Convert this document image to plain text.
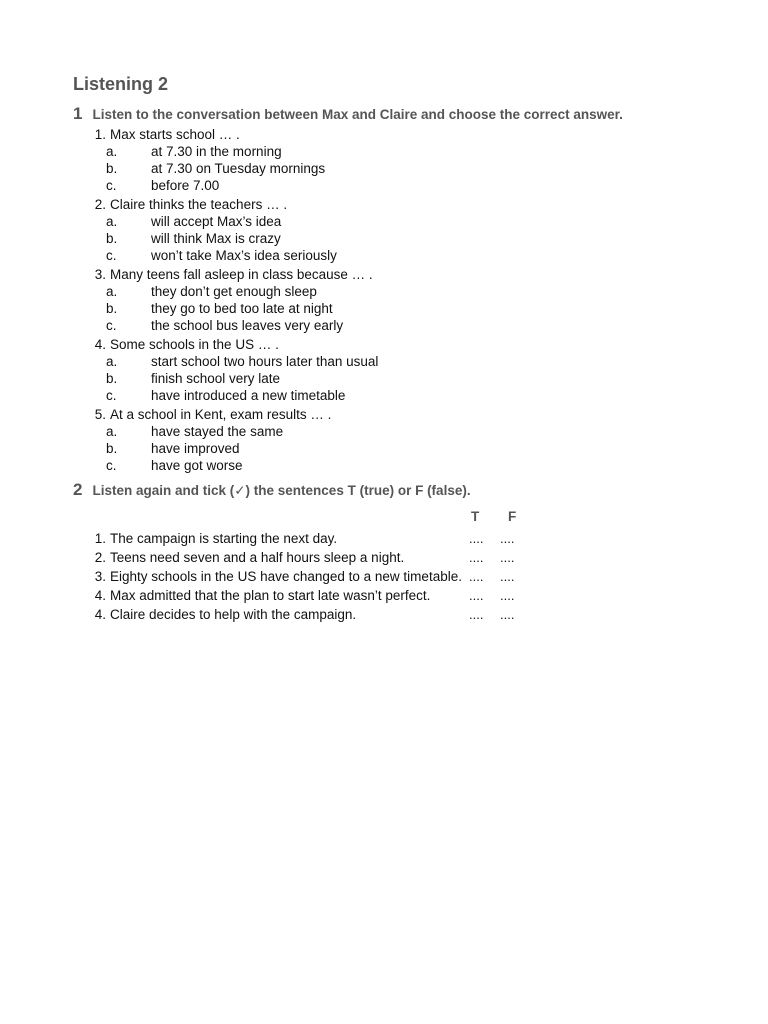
Listening 2
1 Listen to the conversation between Max and Claire and choose the correct answer.
1. Max starts school … .
a. at 7.30 in the morning
b. at 7.30 on Tuesday mornings
c.	before 7.00
2. Claire thinks the teachers … .
a. will accept Max’s idea
b. will think Max is crazy
c.	won’t take Max’s idea seriously
3. Many teens fall asleep in class because … .
a. they don’t get enough sleep
b. they go to bed too late at night
c.	the school bus leaves very early
4. Some schools in the US … .
a. start school two hours later than usual
b. finish school very late
c.	have introduced a new timetable
5. At a school in Kent, exam results … .
a. have stayed the same
b. have improved
c.	have got worse
2 Listen again and tick (✓) the sentences T (true) or F (false).
T F
1. The campaign is starting the next day.	.... ....
2. Teens need seven and a half hours sleep a night.	.... ....
3. Eighty schools in the US have changed to a new timetable. .... ....
4. Max admitted that the plan to start late wasn’t perfect.	.... ....
4. Claire decides to help with the campaign.	.... ....
